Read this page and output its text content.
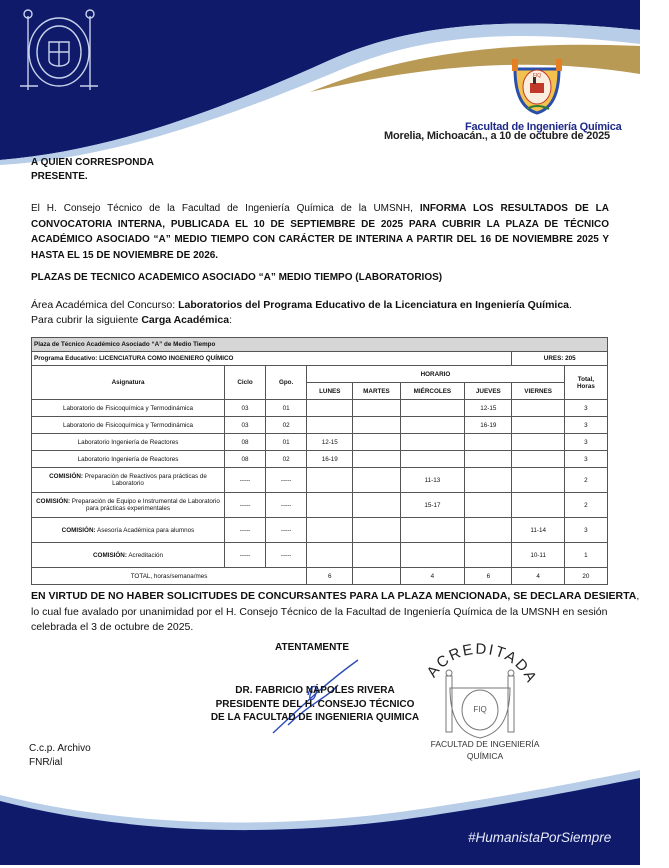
FIQ
Facultad de Ingeniería Química
Morelia, Michoacán., a 10 de octubre de 2025
A QUIEN CORRESPONDA
PRESENTE.
El H. Consejo Técnico de la Facultad de Ingeniería Química de la UMSNH, INFORMA LOS RESULTADOS DE LA CONVOCATORIA INTERNA, PUBLICADA EL 10 DE SEPTIEMBRE DE 2025 PARA CUBRIR LA PLAZA DE TÉCNICO ACADÉMICO ASOCIADO “A” MEDIO TIEMPO CON CARÁCTER DE INTERINA A PARTIR DEL 16 DE NOVIEMBRE 2025 Y HASTA EL 15 DE NOVIEMBRE DE 2026.
PLAZAS DE TECNICO ACADEMICO ASOCIADO “A” MEDIO TIEMPO (LABORATORIOS)
Área Académica del Concurso: Laboratorios del Programa Educativo de la Licenciatura en Ingeniería Química.
Para cubrir la siguiente Carga Académica:
Plaza de Técnico Académico Asociado “A” de Medio Tiempo								
Programa Educativo: LICENCIATURA COMO INGENIERO QUÍMICO							URES: 205	
Asignatura	Ciclo	Gpo.	HORARIO					Total,
Horas

			LUNES	MARTES	MIÉRCOLES	JUEVES	VIERNES	
Laboratorio de Fisicoquímica y Termodinámica	03	01				12-15		3
Laboratorio de Fisicoquímica y Termodinámica	03	02				16-19		3
Laboratorio Ingeniería de Reactores	08	01	12-15					3
Laboratorio Ingeniería de Reactores	08	02	16-19					3
COMISIÓN: Preparación de Reactivos para prácticas de Laboratorio	-----	-----			11-13			2
COMISIÓN: Preparación de Equipo e Instrumental de Laboratorio para prácticas experimentales	-----	-----			15-17			2
COMISIÓN: Asesoría Académica para alumnos	-----	-----					11-14	3
COMISIÓN: Acreditación	-----	-----					10-11	1
TOTAL, horas/semana/mes			6		4	6	4	20
EN VIRTUD DE NO HABER SOLICITUDES DE CONCURSANTES PARA LA PLAZA MENCIONADA, SE DECLARA DESIERTA, lo cual fue avalado por unanimidad por el H. Consejo Técnico de la Facultad de Ingeniería Química de la UMSNH en sesión celebrada el 3 de octubre de 2025.
ATENTAMENTE
DR. FABRICIO NÁPOLES RIVERA
PRESIDENTE DEL H. CONSEJO TÉCNICO
DE LA FACULTAD DE INGENIERIA QUIMICA
ACREDITADA
FIQ
FACULTAD DE INGENIERÍA
QUÍMICA
C.c.p. Archivo
FNR/ial
#HumanistaPorSiempre
